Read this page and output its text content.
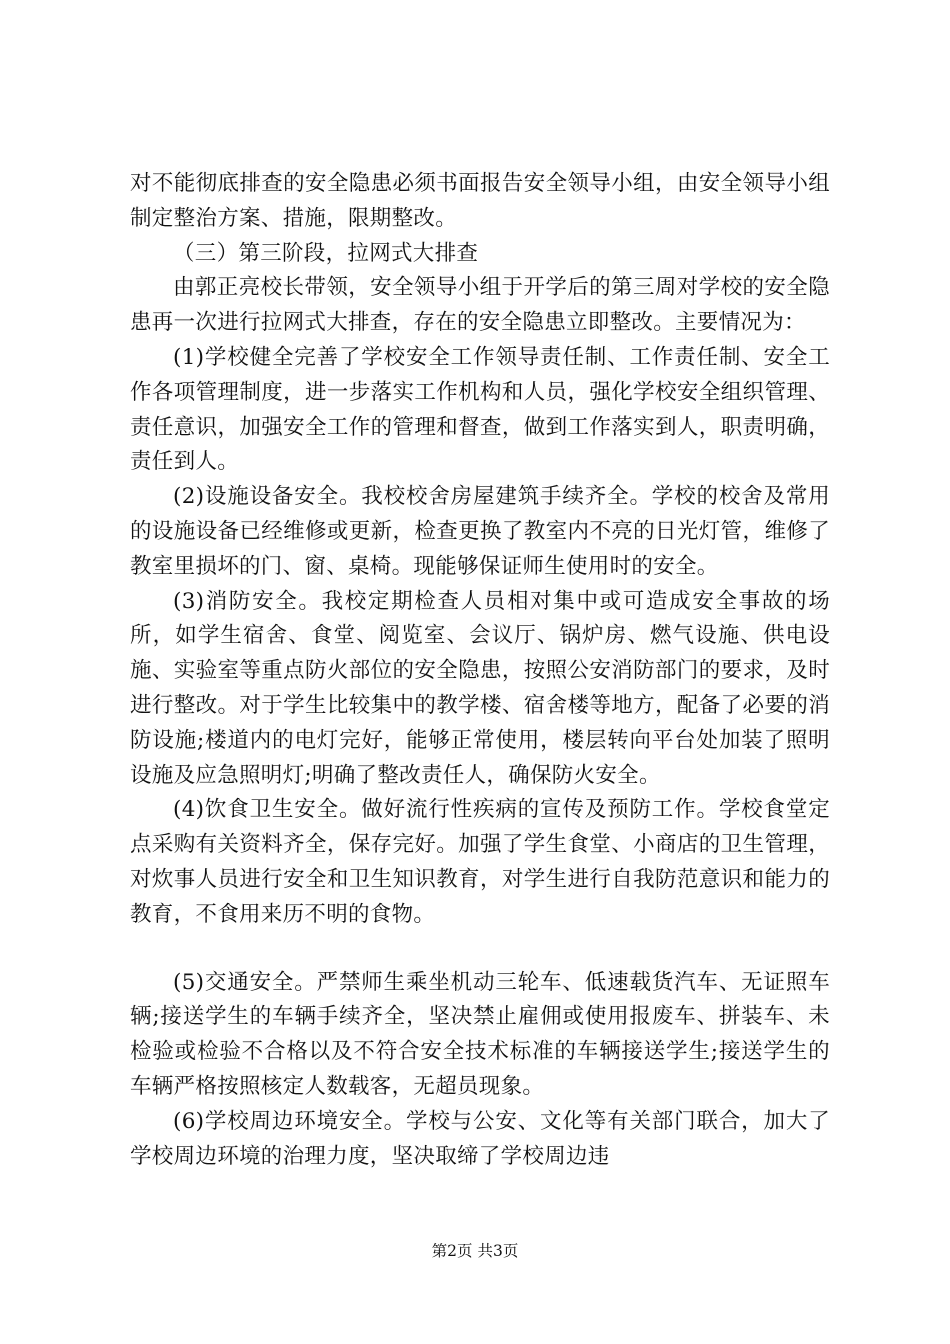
对不能彻底排查的安全隐患必须书面报告安全领导小组，由安全领导小组制定整治方案、措施，限期整改。

（三）第三阶段，拉网式大排查

由郭正亮校长带领，安全领导小组于开学后的第三周对学校的安全隐患再一次进行拉网式大排查，存在的安全隐患立即整改。主要情况为：

(1)学校健全完善了学校安全工作领导责任制、工作责任制、安全工作各项管理制度，进一步落实工作机构和人员，强化学校安全组织管理、责任意识，加强安全工作的管理和督查，做到工作落实到人，职责明确，责任到人。

(2)设施设备安全。我校校舍房屋建筑手续齐全。学校的校舍及常用的设施设备已经维修或更新，检查更换了教室内不亮的日光灯管，维修了教室里损坏的门、窗、桌椅。现能够保证师生使用时的安全。

(3)消防安全。我校定期检查人员相对集中或可造成安全事故的场所，如学生宿舍、食堂、阅览室、会议厅、锅炉房、燃气设施、供电设施、实验室等重点防火部位的安全隐患，按照公安消防部门的要求，及时进行整改。对于学生比较集中的教学楼、宿舍楼等地方，配备了必要的消防设施;楼道内的电灯完好，能够正常使用，楼层转向平台处加装了照明设施及应急照明灯;明确了整改责任人，确保防火安全。

(4)饮食卫生安全。做好流行性疾病的宣传及预防工作。学校食堂定点采购有关资料齐全，保存完好。加强了学生食堂、小商店的卫生管理，对炊事人员进行安全和卫生知识教育，对学生进行自我防范意识和能力的教育，不食用来历不明的食物。

(5)交通安全。严禁师生乘坐机动三轮车、低速载货汽车、无证照车辆;接送学生的车辆手续齐全，坚决禁止雇佣或使用报废车、拼装车、未检验或检验不合格以及不符合安全技术标准的车辆接送学生;接送学生的车辆严格按照核定人数载客，无超员现象。

(6)学校周边环境安全。学校与公安、文化等有关部门联合，加大了学校周边环境的治理力度，坚决取缔了学校周边违

第2页 共3页
